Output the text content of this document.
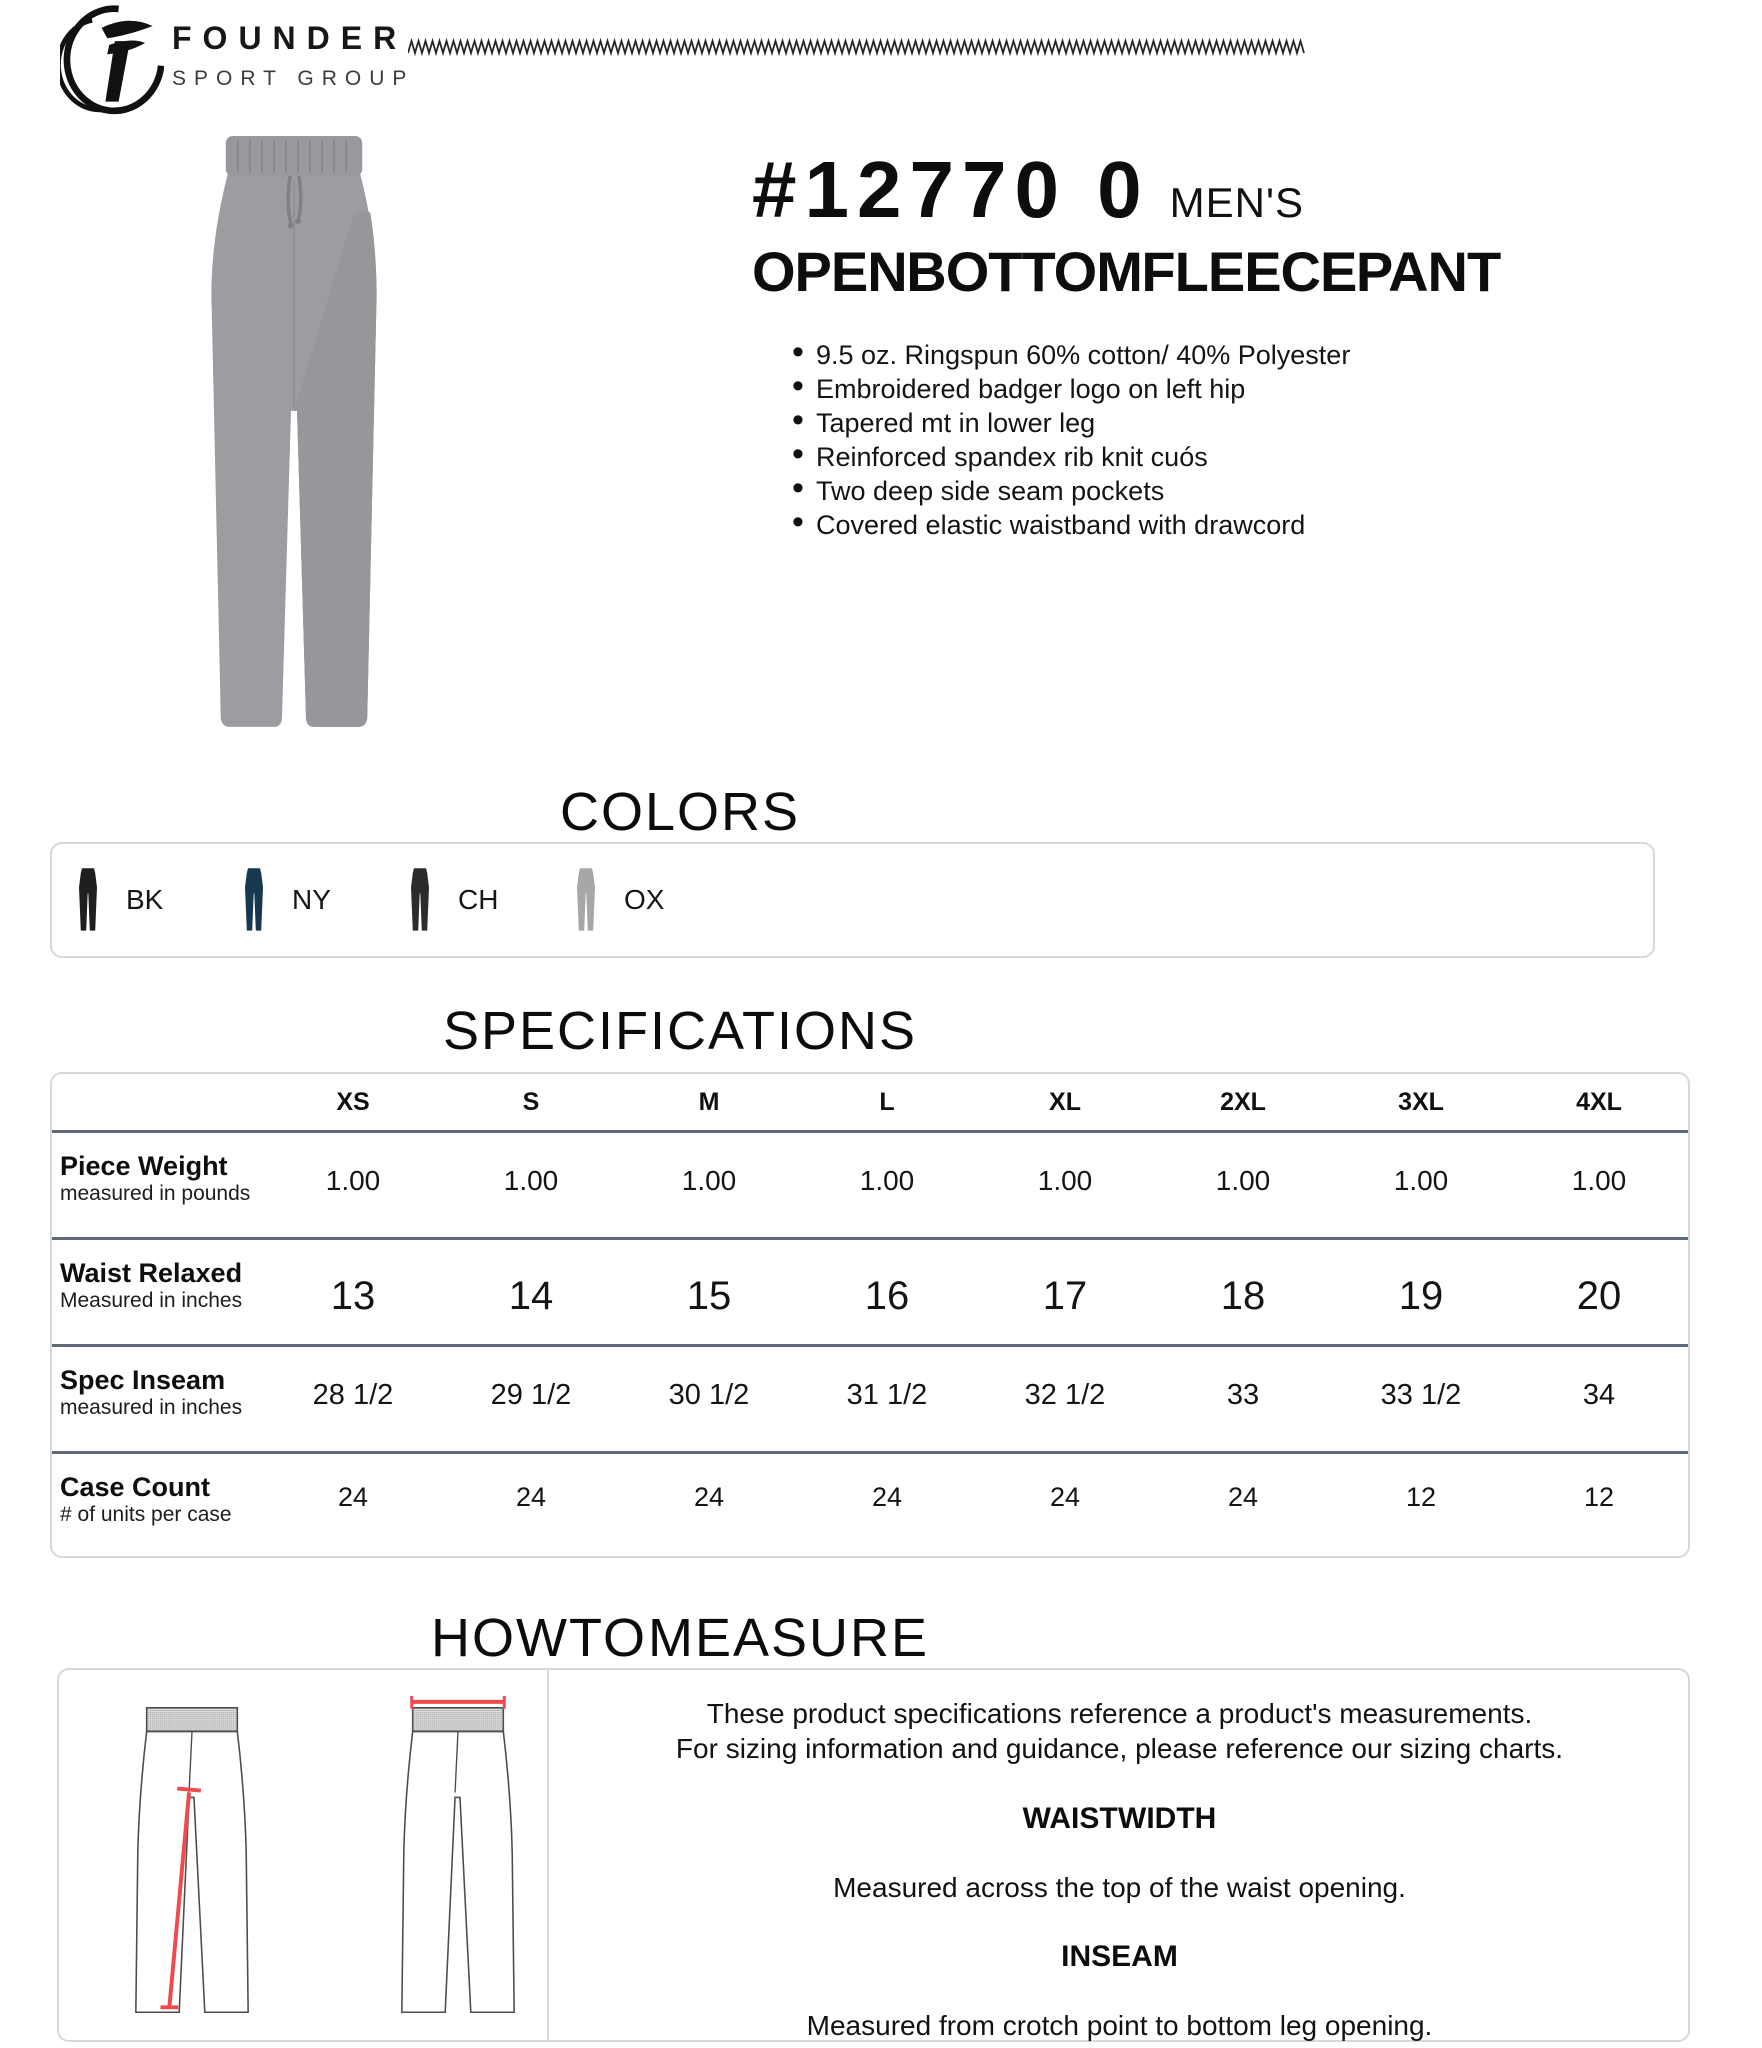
FOUNDER
SPORT GROUP
#12770 0 MEN'S
OPEN BOTTOM FLEECE PANT
• 9.5 oz. Ringspun 60% cotton/ 40% Polyester
• Embroidered badger logo on left hip
• Tapered mt in lower leg
• Reinforced spandex rib knit cuós
• Two deep side seam pockets
• Covered elastic waistband with drawcord
COLORS
BK	NY	CH	OX
SPECIFICATIONS
XS	S	M	L	XL	2XL	3XL	4XL
Piece Weight
measured in pounds	1.00	1.00	1.00	1.00	1.00	1.00	1.00	1.00
Waist Relaxed
Measured in inches	13	14	15	16	17	18	19	20
Spec Inseam
measured in inches	28 1/2	29 1/2	30 1/2	31 1/2	32 1/2	33	33 1/2	34
Case Count
# of units per case
24	24	24	24	24	24	12	12
HOW TO MEASURE
These product specifications reference a product's measurements.
For sizing information and guidance, please reference our sizing charts.
WAIST WIDTH
Measured across the top of the waist opening.
INSEAM
Measured from crotch point to bottom leg opening.
